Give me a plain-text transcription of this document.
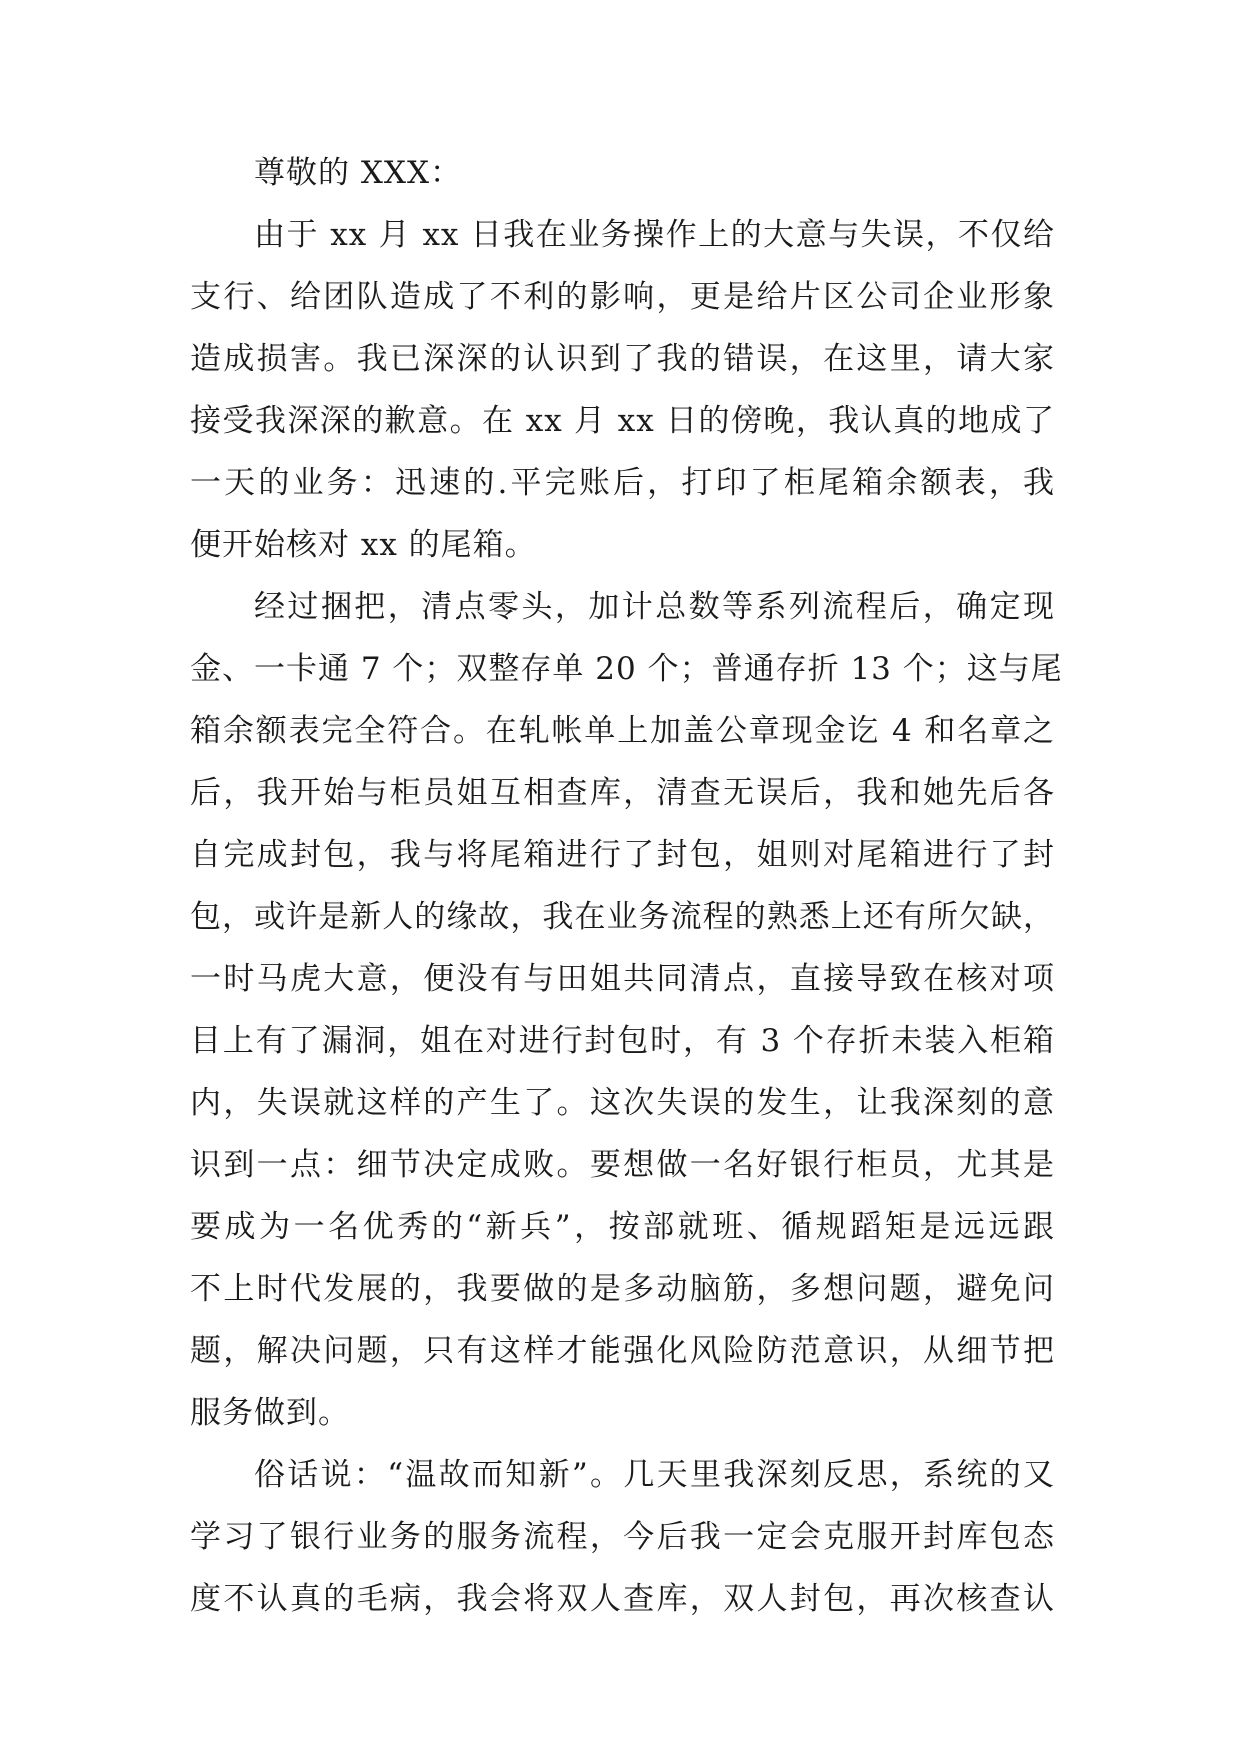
尊敬的 XXX：
由于 xx 月 xx 日我在业务操作上的大意与失误，不仅给
支行、给团队造成了不利的影响，更是给片区公司企业形象
造成损害。我已深深的认识到了我的错误，在这里，请大家
接受我深深的歉意。在 xx 月 xx 日的傍晚，我认真的地成了
一天的业务：迅速的.平完账后，打印了柜尾箱余额表，我
便开始核对 xx 的尾箱。
经过捆把，清点零头，加计总数等系列流程后，确定现
金、一卡通 7 个；双整存单 20 个；普通存折 13 个；这与尾
箱余额表完全符合。在轧帐单上加盖公章现金讫 4 和名章之
后，我开始与柜员姐互相查库，清查无误后，我和她先后各
自完成封包，我与将尾箱进行了封包，姐则对尾箱进行了封
包，或许是新人的缘故，我在业务流程的熟悉上还有所欠缺，
一时马虎大意，便没有与田姐共同清点，直接导致在核对项
目上有了漏洞，姐在对进行封包时，有 3 个存折未装入柜箱
内，失误就这样的产生了。这次失误的发生，让我深刻的意
识到一点：细节决定成败。要想做一名好银行柜员，尤其是
要成为一名优秀的“新兵”，按部就班、循规蹈矩是远远跟
不上时代发展的，我要做的是多动脑筋，多想问题，避免问
题，解决问题，只有这样才能强化风险防范意识，从细节把
服务做到。
俗话说：“温故而知新”。几天里我深刻反思，系统的又
学习了银行业务的服务流程，今后我一定会克服开封库包态
度不认真的毛病，我会将双人查库，双人封包，再次核查认
